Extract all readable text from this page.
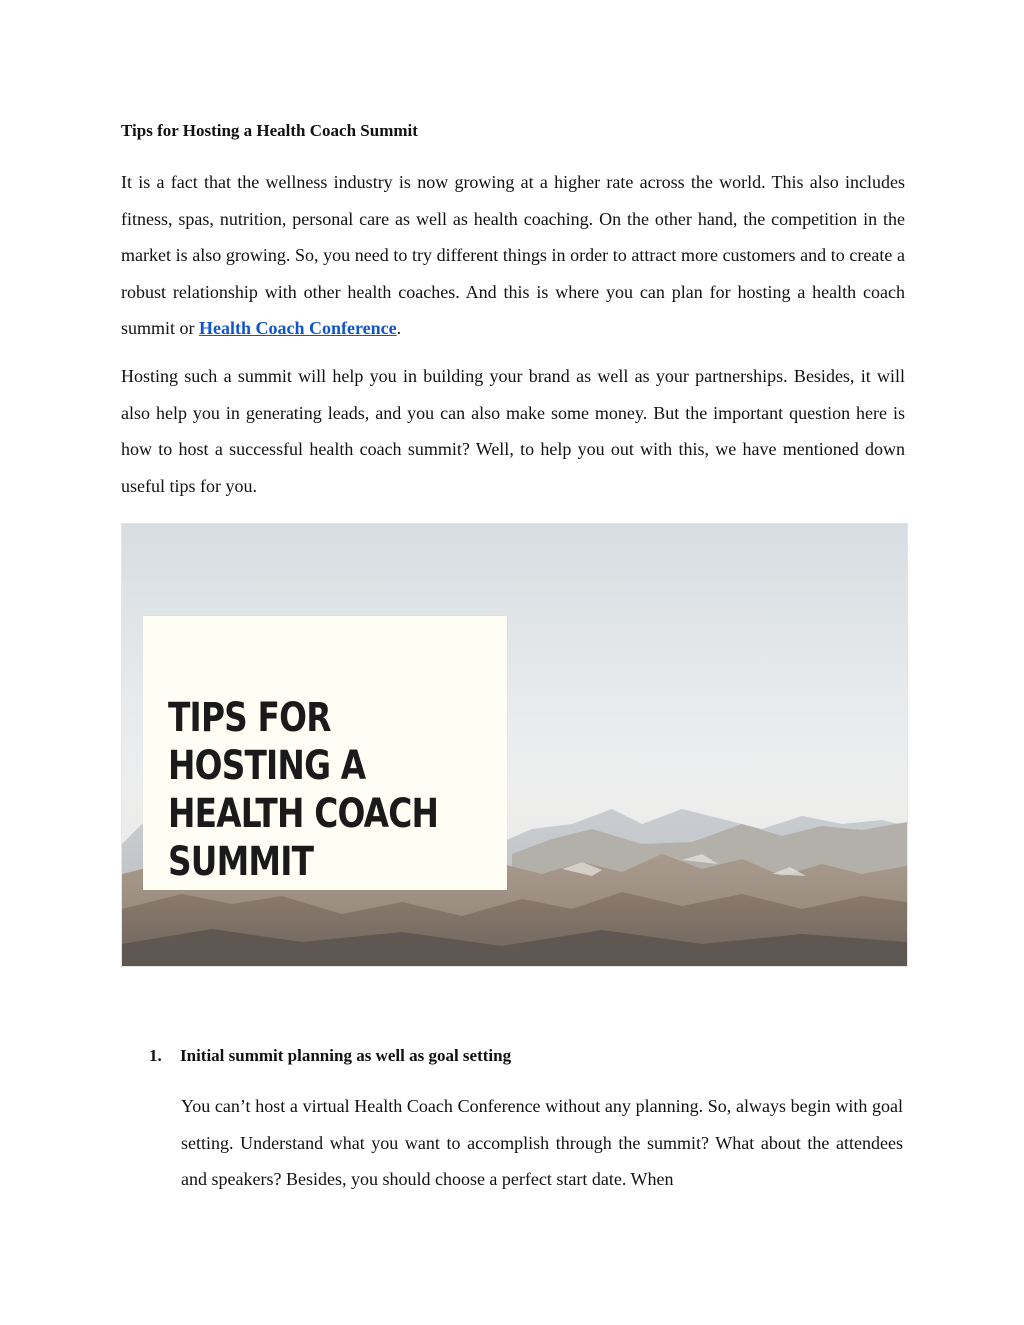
Tips for Hosting a Health Coach Summit

It is a fact that the wellness industry is now growing at a higher rate across the world. This also includes fitness, spas, nutrition, personal care as well as health coaching. On the other hand, the competition in the market is also growing. So, you need to try different things in order to attract more customers and to create a robust relationship with other health coaches. And this is where you can plan for hosting a health coach summit or Health Coach Conference.

Hosting such a summit will help you in building your brand as well as your partnerships. Besides, it will also help you in generating leads, and you can also make some money. But the important question here is how to host a successful health coach summit? Well, to help you out with this, we have mentioned down useful tips for you.

TIPS FOR HOSTING A
HEALTH COACH
SUMMIT

1. Initial summit planning as well as goal setting

You can’t host a virtual Health Coach Conference without any planning. So, always begin with goal setting. Understand what you want to accomplish through the summit? What about the attendees and speakers? Besides, you should choose a perfect start date. When
